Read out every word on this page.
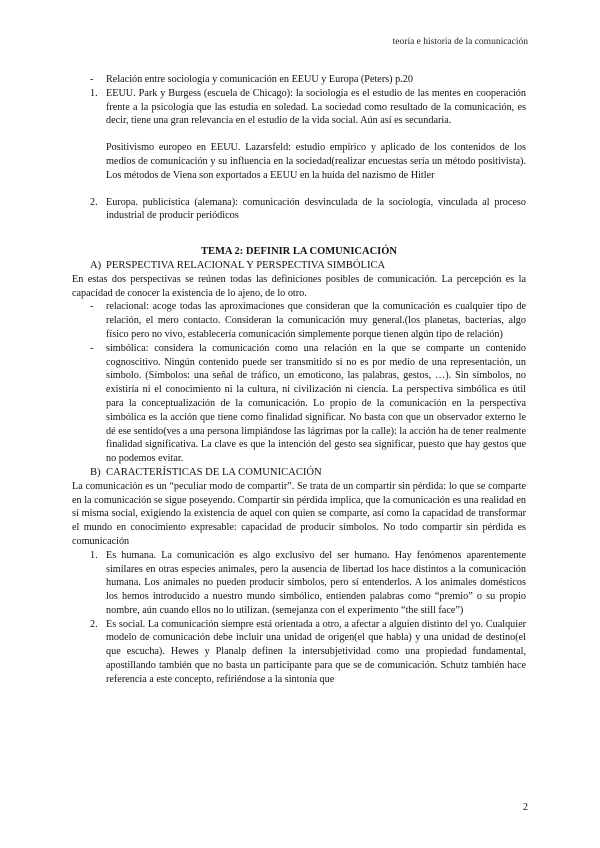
teoría e historia de la comunicación
-	Relación entre sociología y comunicación en EEUU y Europa (Peters) p.20

1. EEUU. Park y Burgess (escuela de Chicago): la sociología es el estudio de las mentes en cooperación frente a la psicología que las estudia en soledad. La sociedad como resultado de la comunicación, es decir, tiene una gran relevancia en el estudio de la vida social. Aún así es secundaria.

Positivismo europeo en EEUU. Lazarsfeld: estudio empírico y aplicado de los contenidos de los medios de comunicación y su influencia en la sociedad(realizar encuestas sería un método positivista). Los métodos de Viena son exportados a EEUU en la huida del nazismo de Hitler

2. Europa. publicística (alemana): comunicación desvinculada de la sociología, vinculada al proceso industrial de producir periódicos

TEMA 2: DEFINIR LA COMUNICACIÓN
A) PERSPECTIVA RELACIONAL Y PERSPECTIVA SIMBÓLICA

En estas dos perspectivas se reúnen todas las definiciones posibles de comunicación. La percepción es la capacidad de conocer la existencia de lo ajeno, de lo otro.

-	relacional: acoge todas las aproximaciones que consideran que la comunicación es cualquier tipo de relación, el mero contacto. Consideran la comunicación muy general.(los planetas, bacterias, algo físico pero no vivo, establecería comunicación simplemente porque tienen algún tipo de relación)

-	simbólica: considera la comunicación como una relación en la que se comparte un contenido cognoscitivo. Ningún contenido puede ser transmitido si no es por medio de una representación, un símbolo. (Símbolos: una señal de tráfico, un emoticono, las palabras, gestos, …). Sin símbolos, no existiría ni el conocimiento ni la cultura, ni civilización ni ciencia. La perspectiva simbólica es útil para la conceptualización de la comunicación. Lo propio de la comunicación en la perspectiva simbólica es la acción que tiene como finalidad significar. No basta con que un observador externo le dé ese sentido(ves a una persona limpiándose las lágrimas por la calle): la acción ha de tener realmente finalidad significativa. La clave es que la intención del gesto sea significar, puesto que hay gestos que no podemos evitar.

B) CARACTERÍSTICAS DE LA COMUNICACIÓN

La comunicación es un “peculiar modo de compartir”. Se trata de un compartir sin pérdida: lo que se comparte en la comunicación se sigue poseyendo. Compartir sin pérdida implica, que la comunicación es una realidad en sí misma social, exigiendo la existencia de aquel con quien se comparte, así como la capacidad de transformar el mundo en conocimiento expresable: capacidad de producir símbolos. No todo compartir sin pérdida es comunicación

1. Es humana. La comunicación es algo exclusivo del ser humano. Hay fenómenos aparentemente similares en otras especies animales, pero la ausencia de libertad los hace distintos a la comunicación humana. Los animales no pueden producir símbolos, pero sí entenderlos. A los animales domésticos los hemos introducido a nuestro mundo simbólico, entienden palabras como “premio” o su propio nombre, aún cuando ellos no lo utilizan. (semejanza con el experimento “the still face”)

2. Es social. La comunicación siempre está orientada a otro, a afectar a alguien distinto del yo. Cualquier modelo de comunicación debe incluir una unidad de origen(el que habla) y una unidad de destino(el que escucha). Hewes y Planalp definen la intersubjetividad como una propiedad fundamental, apostillando también que no basta un participante para que se de comunicación. Schutz también hace referencia a este concepto, refiriéndose a la sintonía que

2
